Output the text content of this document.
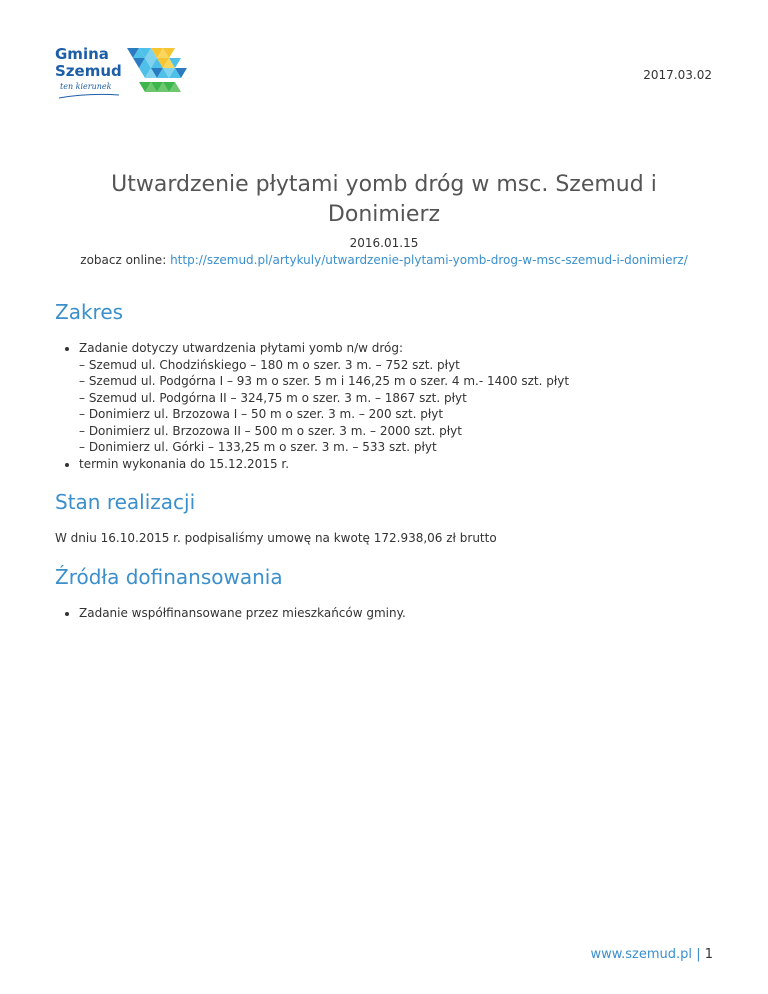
Gmina
Szemud
ten kierunek
2017.03.02
Utwardzenie płytami yomb dróg w msc. Szemud i Donimierz
2016.01.15
zobacz online: http://szemud.pl/artykuly/utwardzenie-plytami-yomb-drog-w-msc-szemud-i-donimierz/
Zakres
• Zadanie dotyczy utwardzenia płytami yomb n/w dróg:
– Szemud ul. Chodzińskiego – 180 m o szer. 3 m. – 752 szt. płyt
– Szemud ul. Podgórna I – 93 m o szer. 5 m i 146,25 m o szer. 4 m.- 1400 szt. płyt
– Szemud ul. Podgórna II – 324,75 m o szer. 3 m. – 1867 szt. płyt
– Donimierz ul. Brzozowa I – 50 m o szer. 3 m. – 200 szt. płyt
– Donimierz ul. Brzozowa II – 500 m o szer. 3 m. – 2000 szt. płyt
– Donimierz ul. Górki – 133,25 m o szer. 3 m. – 533 szt. płyt
• termin wykonania do 15.12.2015 r.
Stan realizacji

W dniu 16.10.2015 r. podpisaliśmy umowę na kwotę 172.938,06 zł brutto

Źródła dofinansowania
• Zadanie współfinansowane przez mieszkańców gminy.
www.szemud.pl | 1
